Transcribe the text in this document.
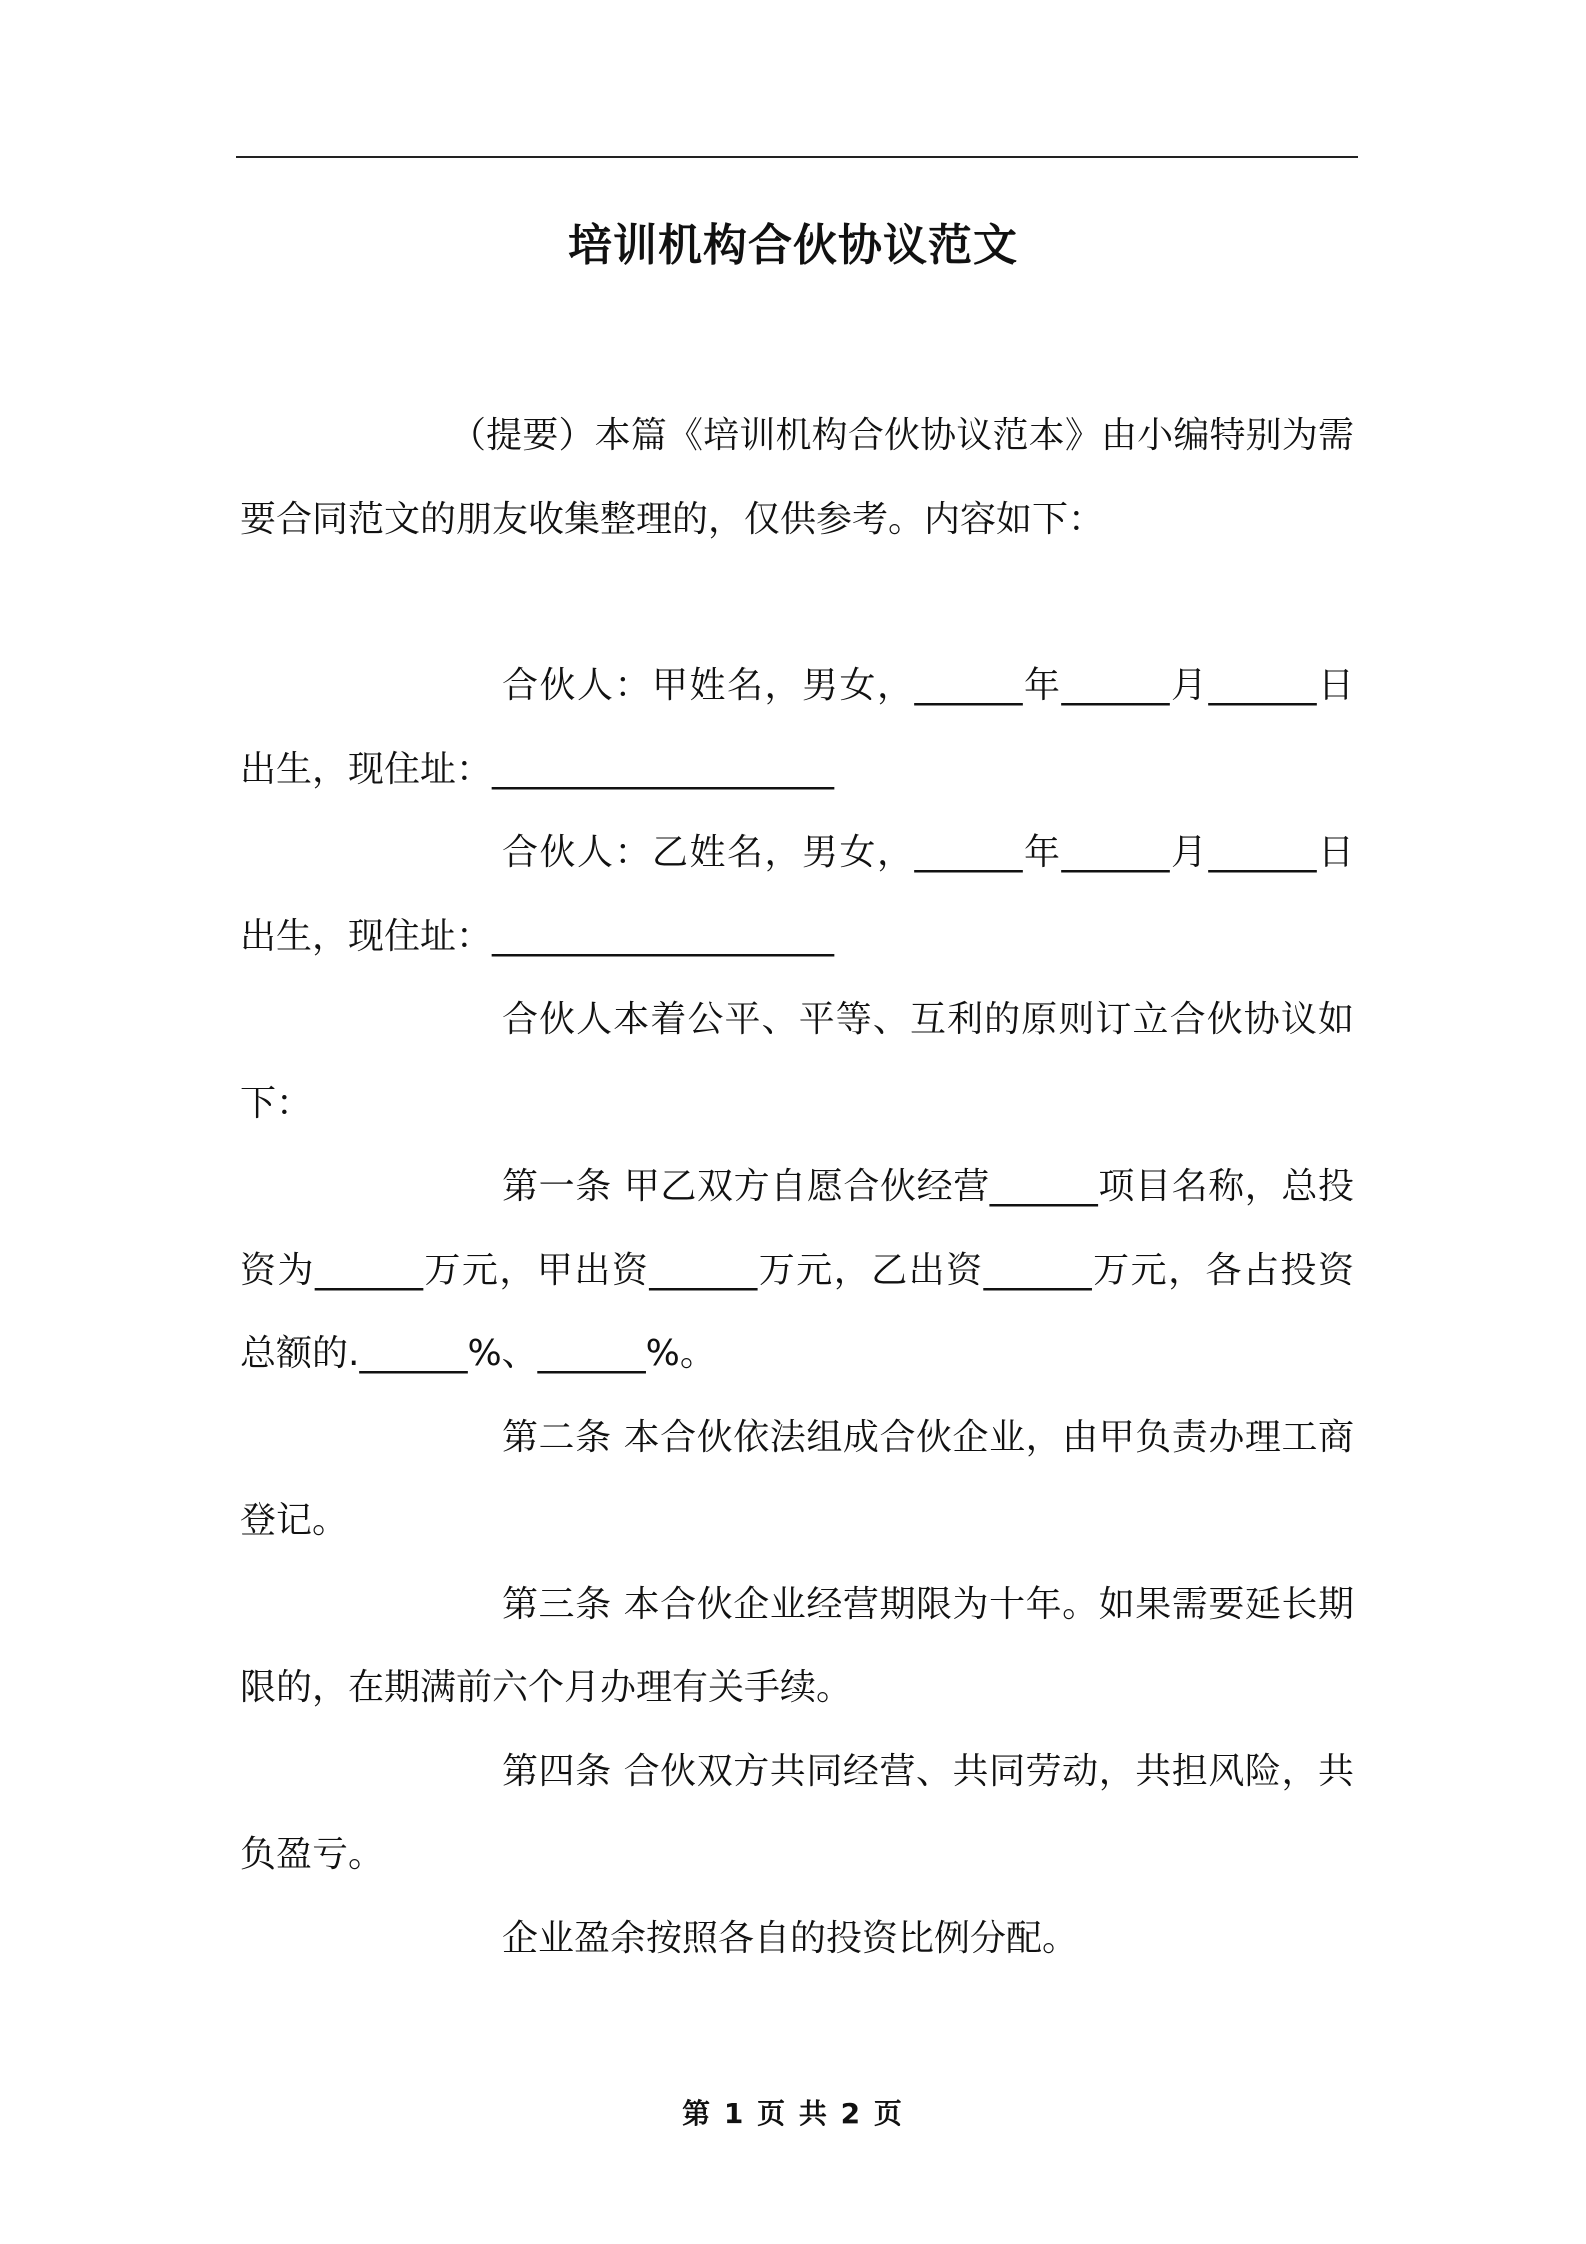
培训机构合伙协议范文

（提要）本篇《培训机构合伙协议范本》由小编特别为需要合同范文的朋友收集整理的，仅供参考。内容如下：

合伙人：甲姓名，男女，______年______月______日出生，现住址：___________________

合伙人：乙姓名，男女，______年______月______日出生，现住址：___________________

合伙人本着公平、平等、互利的原则订立合伙协议如下：

第一条 甲乙双方自愿合伙经营______项目名称，总投资为______万元，甲出资______万元，乙出资______万元，各占投资总额的.______%、______%。

第二条 本合伙依法组成合伙企业，由甲负责办理工商登记。

第三条 本合伙企业经营期限为十年。如果需要延长期限的，在期满前六个月办理有关手续。

第四条 合伙双方共同经营、共同劳动，共担风险，共负盈亏。

企业盈余按照各自的投资比例分配。

第 1 页 共 2 页
